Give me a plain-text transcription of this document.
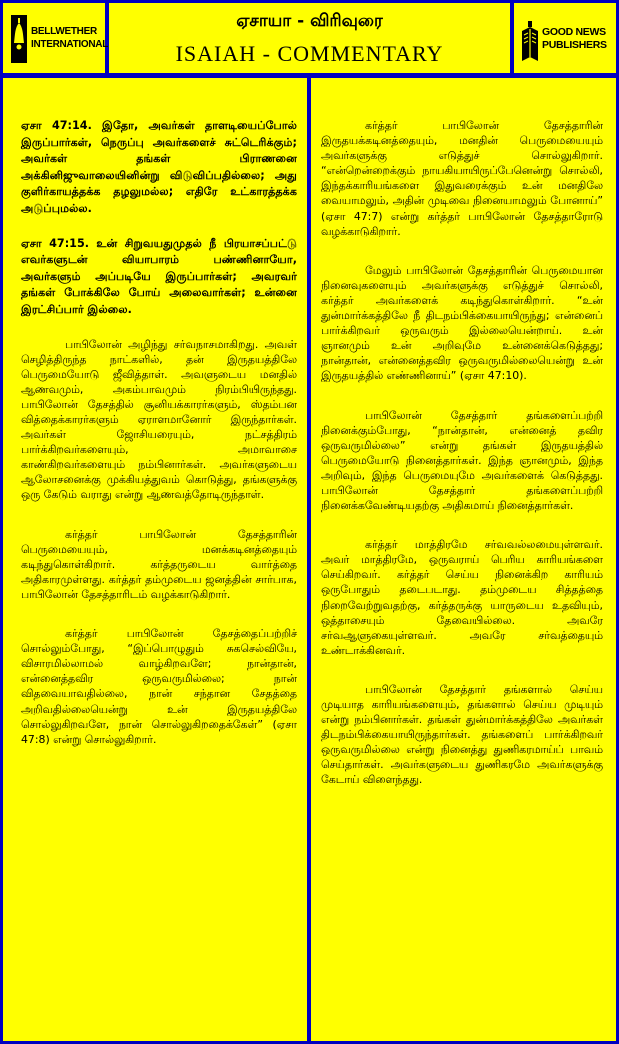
BELLWETHER
INTERNATIONAL
ஏசாயா - விரிவுரை
ISAIAH - COMMENTARY
GOOD NEWS
PUBLISHERS

ஏசா 47:14. இதோ, அவர்கள் தாளடியைப்போல் இருப்பார்கள், நெருப்பு அவர்களைச் சுட்டெரிக்கும்; அவர்கள் தங்கள் பிராணனை அக்கினிஜுவாலையினின்று விடுவிப்பதில்லை; அது குளிர்காயத்தக்க தழலுமல்ல; எதிரே உட்காரத்தக்க அடுப்புமல்ல.

ஏசா 47:15. உன் சிறுவயதுமுதல் நீ பிரயாசப்பட்டு எவர்களுடன் வியாபாரம் பண்ணினாயோ, அவர்களும் அப்படியே இருப்பார்கள்; அவரவர் தங்கள் போக்கிலே போய் அலைவார்கள்; உன்னை இரட்சிப்பார் இல்லை.

பாபிலோன் அழிந்து சர்வநாசமாகிறது. அவள் செழித்திருந்த நாட்களில், தன் இருதயத்திலே பெருமையோடு ஜீவித்தாள். அவளுடைய மனதில் ஆணவமும், அகம்பாவமும் நிரம்பியிருந்தது. பாபிலோன் தேசத்தில் சூனியக்காரர்களும், ஸ்தம்பன வித்தைக்காரர்களும் ஏராளமானோர் இருந்தார்கள். அவர்கள் ஜோசியரையும், நட்சத்திரம் பார்க்கிறவர்களையும், அமாவாசை காண்கிறவர்களையும் நம்பினார்கள். அவர்களுடைய ஆலோசனைக்கு முக்கியத்துவம் கொடுத்து, தங்களுக்கு ஒரு கேடும் வராது என்று ஆணவத்தோடிருந்தாள்.

கர்த்தர் பாபிலோன் தேசத்தாரின் பெருமையையும், மனக்கடினத்தையும் கடிந்துகொள்கிறார். கர்த்தருடைய வார்த்தை அதிகாரமுள்ளது. கர்த்தர் தம்முடைய ஜனத்தின் சார்பாக, பாபிலோன் தேசத்தாரிடம் வழக்காடுகிறார்.

கர்த்தர் பாபிலோன் தேசத்தைப்பற்றிச் சொல்லும்போது, “இப்பொழுதும் சுகசெல்வியே, விசாரமில்லாமல் வாழ்கிறவளே; நான்தான், என்னைத்தவிர ஒருவருமில்லை; நான் விதவையாவதில்லை, நான் சந்தான சேதத்தை அறிவதில்லையென்று உன் இருதயத்திலே சொல்லுகிறவளே, நான் சொல்லுகிறதைக்கேள்” (ஏசா 47:8) என்று சொல்லுகிறார்.

கர்த்தர் பாபிலோன் தேசத்தாரின் இருதயக்கடினத்தையும், மனதின் பெருமையையும் அவர்களுக்கு எடுத்துச் சொல்லுகிறார். “என்றென்றைக்கும் நாயகியாயிருப்பேனென்று சொல்லி, இந்தக்காரியங்களை இதுவரைக்கும் உன் மனதிலே வையாமலும், அதின் முடிவை நினையாமலும் போனாய்” (ஏசா 47:7) என்று கர்த்தர் பாபிலோன் தேசத்தாரோடு வழக்காடுகிறார்.

மேலும் பாபிலோன் தேசத்தாரின் பெருமையான நினைவுகளையும் அவர்களுக்கு எடுத்துச் சொல்லி, கர்த்தர் அவர்களைக் கடிந்துகொள்கிறார். “உன் துன்மார்க்கத்திலே நீ திடநம்பிக்கையாயிருந்து; என்னைப் பார்க்கிறவர் ஒருவரும் இல்லையென்றாய். உன் ஞானமும் உன் அறிவுமே உன்னைக்கெடுத்தது; நான்தான், என்னைத்தவிர ஒருவருமில்லையென்று உன் இருதயத்தில் எண்ணினாய்” (ஏசா 47:10).

பாபிலோன் தேசத்தார் தங்களைப்பற்றி நினைக்கும்போது, “நான்தான், என்னைத் தவிர ஒருவருமில்லை” என்று தங்கள் இருதயத்தில் பெருமையோடு நினைத்தார்கள். இந்த ஞானமும், இந்த அறிவும், இந்த பெருமையுமே அவர்களைக் கெடுத்தது. பாபிலோன் தேசத்தார் தங்களைப்பற்றி நினைக்கவேண்டியதற்கு அதிகமாய் நினைத்தார்கள்.

கர்த்தர் மாத்திரமே சர்வவல்லமையுள்ளவர். அவர் மாத்திரமே, ஒருவராய் பெரிய காரியங்களை செய்கிறவர். கர்த்தர் செய்ய நினைக்கிற காரியம் ஒருபோதும் தடைபடாது. தம்முடைய சித்தத்தை நிறைவேற்றுவதற்கு, கர்த்தருக்கு யாருடைய உதவியும், ஒத்தாசையும் தேவையில்லை. அவரே சர்வஆளுகையுள்ளவர். அவரே சர்வத்தையும் உண்டாக்கினவர்.

பாபிலோன் தேசத்தார் தங்களால் செய்ய முடியாத காரியங்களையும், தங்களால் செய்ய முடியும் என்று நம்பினார்கள். தங்கள் துன்மார்க்கத்திலே அவர்கள் திடநம்பிக்கையாயிருந்தார்கள். தங்களைப் பார்க்கிறவர் ஒருவருமில்லை என்று நினைத்து துணிகரமாய்ப் பாவம் செய்தார்கள். அவர்களுடைய துணிகரமே அவர்களுக்கு கேடாய் விளைந்தது.
